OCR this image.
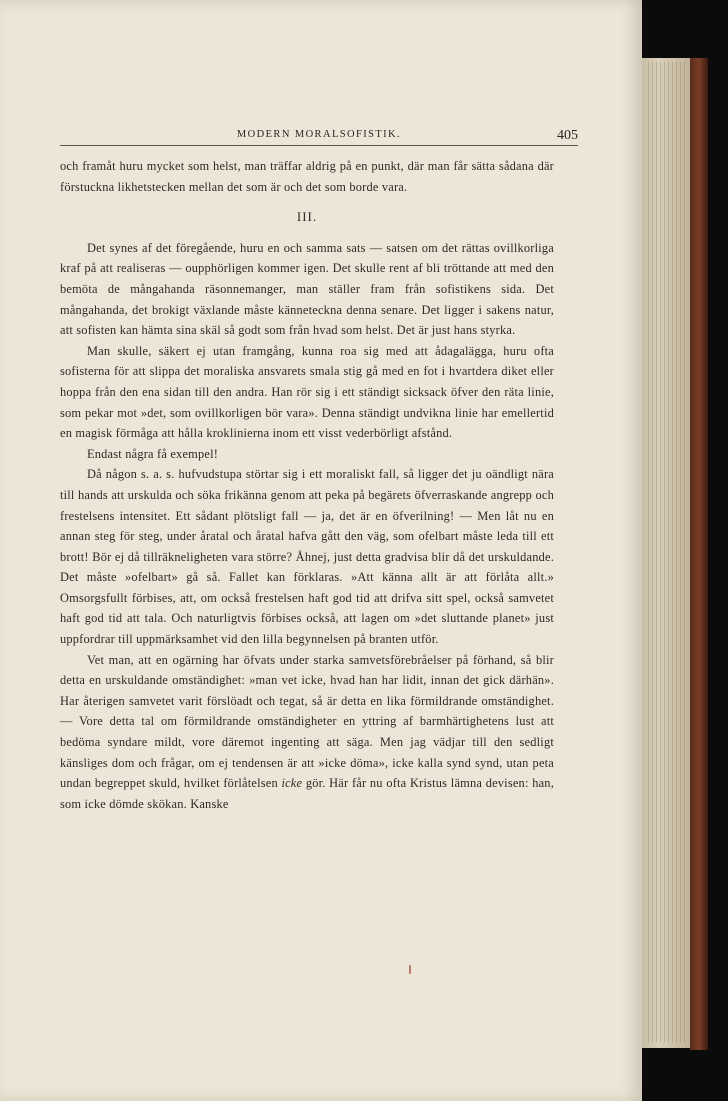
MODERN MORALSOFISTIK.	405

och framåt huru mycket som helst, man träffar aldrig på en punkt, där man får sätta sådana där förstuckna likhetstecken mellan det som är och det som borde vara.

III.

Det synes af det föregående, huru en och samma sats — satsen om det rättas ovillkorliga kraf på att realiseras — oupphörligen kommer igen. Det skulle rent af bli tröttande att med den bemöta de mångahanda räsonnemanger, man ställer fram från sofistikens sida. Det mångahanda, det brokigt växlande måste känneteckna denna senare. Det ligger i sakens natur, att sofisten kan hämta sina skäl så godt som från hvad som helst. Det är just hans styrka.

Man skulle, säkert ej utan framgång, kunna roa sig med att ådagalägga, huru ofta sofisterna för att slippa det moraliska ansvarets smala stig gå med en fot i hvartdera diket eller hoppa från den ena sidan till den andra. Han rör sig i ett ständigt sicksack öfver den räta linie, som pekar mot »det, som ovillkorligen bör vara». Denna ständigt undvikna linie har emellertid en magisk förmåga att hålla kroklinierna inom ett visst vederbörligt afstånd.

Endast några få exempel!

Då någon s. a. s. hufvudstupa störtar sig i ett moraliskt fall, så ligger det ju oändligt nära till hands att urskulda och söka frikänna genom att peka på begärets öfverraskande angrepp och frestelsens intensitet. Ett sådant plötsligt fall — ja, det är en öfverilning! — Men låt nu en annan steg för steg, under åratal och åratal hafva gått den väg, som ofelbart måste leda till ett brott! Bör ej då tillräkneligheten vara större? Åhnej, just detta gradvisa blir då det urskuldande. Det måste »ofelbart» gå så. Fallet kan förklaras. »Att känna allt är att förlåta allt.» Omsorgsfullt förbises, att, om också frestelsen haft god tid att drifva sitt spel, också samvetet haft god tid att tala. Och naturligtvis förbises också, att lagen om »det sluttande planet» just uppfordrar till uppmärksamhet vid den lilla begynnelsen på branten utför.

Vet man, att en ogärning har öfvats under starka samvetsförebråelser på förhand, så blir detta en urskuldande omständighet: »man vet icke, hvad han har lidit, innan det gick därhän». Har återigen samvetet varit förslöadt och tegat, så är detta en lika förmildrande omständighet. — Vore detta tal om förmildrande omständigheter en yttring af barmhärtighetens lust att bedöma syndare mildt, vore däremot ingenting att säga. Men jag vädjar till den sedligt känsliges dom och frågar, om ej tendensen är att »icke döma», icke kalla synd synd, utan peta undan begreppet skuld, hvilket förlåtelsen icke gör. Här får nu ofta Kristus lämna devisen: han, som icke dömde skökan. Kanske
